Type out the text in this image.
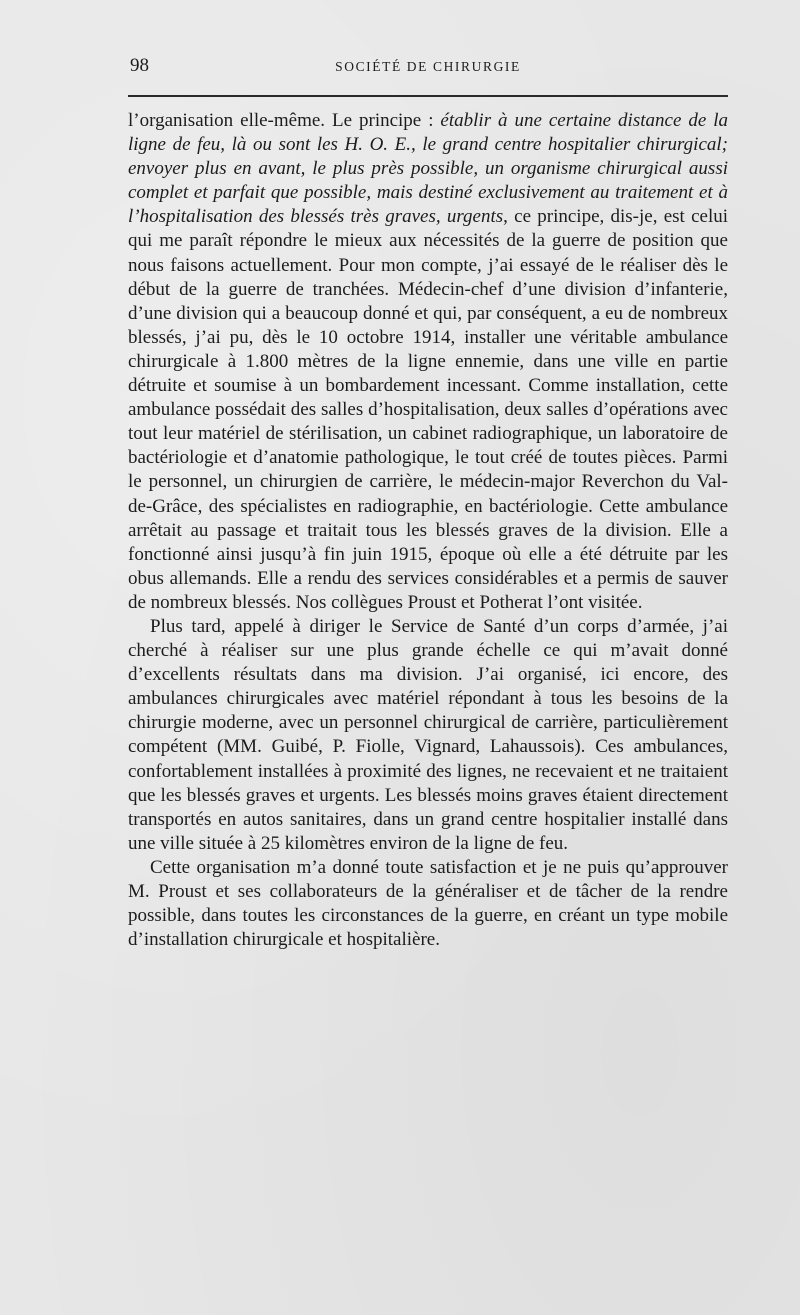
98	SOCIÉTÉ DE CHIRURGIE

l’organisation elle-même. Le principe : établir à une certaine distance de la ligne de feu, là ou sont les H. O. E., le grand centre hospitalier chirurgical; envoyer plus en avant, le plus près possible, un organisme chirurgical aussi complet et parfait que possible, mais destiné exclusivement au traitement et à l’hospitalisation des blessés très graves, urgents, ce principe, dis-je, est celui qui me paraît répondre le mieux aux nécessités de la guerre de position que nous faisons actuellement. Pour mon compte, j’ai essayé de le réaliser dès le début de la guerre de tranchées. Médecin-chef d’une division d’infanterie, d’une division qui a beaucoup donné et qui, par conséquent, a eu de nombreux blessés, j’ai pu, dès le 10 octobre 1914, installer une véritable ambulance chirurgicale à 1.800 mètres de la ligne ennemie, dans une ville en partie détruite et soumise à un bombardement incessant. Comme installation, cette ambulance possédait des salles d’hospitalisation, deux salles d’opérations avec tout leur matériel de stérilisation, un cabinet radiographique, un laboratoire de bactériologie et d’anatomie pathologique, le tout créé de toutes pièces. Parmi le personnel, un chirurgien de carrière, le médecin-major Reverchon du Val-de-Grâce, des spécialistes en radiographie, en bactériologie. Cette ambulance arrêtait au passage et traitait tous les blessés graves de la division. Elle a fonctionné ainsi jusqu’à fin juin 1915, époque où elle a été détruite par les obus allemands. Elle a rendu des services considérables et a permis de sauver de nombreux blessés. Nos collègues Proust et Potherat l’ont visitée.

Plus tard, appelé à diriger le Service de Santé d’un corps d’armée, j’ai cherché à réaliser sur une plus grande échelle ce qui m’avait donné d’excellents résultats dans ma division. J’ai organisé, ici encore, des ambulances chirurgicales avec matériel répondant à tous les besoins de la chirurgie moderne, avec un personnel chirurgical de carrière, particulièrement compétent (MM. Guibé, P. Fiolle, Vignard, Lahaussois). Ces ambulances, confortablement installées à proximité des lignes, ne recevaient et ne traitaient que les blessés graves et urgents. Les blessés moins graves étaient directement transportés en autos sanitaires, dans un grand centre hospitalier installé dans une ville située à 25 kilomètres environ de la ligne de feu.

Cette organisation m’a donné toute satisfaction et je ne puis qu’approuver M. Proust et ses collaborateurs de la généraliser et de tâcher de la rendre possible, dans toutes les circonstances de la guerre, en créant un type mobile d’installation chirurgicale et hospitalière.
